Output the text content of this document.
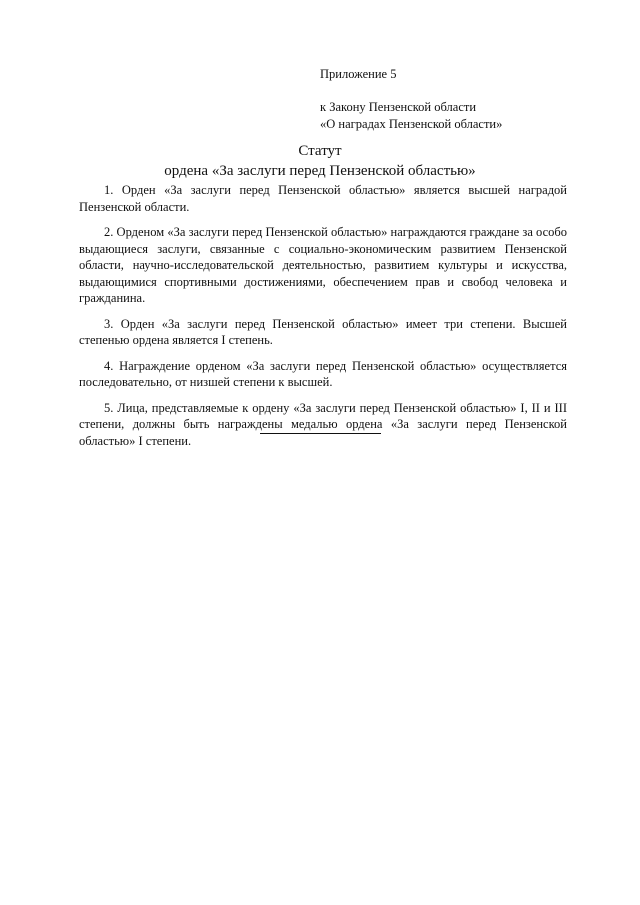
Приложение 5
к Закону Пензенской области
«О наградах Пензенской области»
Статут
ордена «За заслуги перед Пензенской областью»

1. Орден «За заслуги перед Пензенской областью» является высшей наградой Пензенской области.

2. Орденом «За заслуги перед Пензенской областью» награждаются граждане за особо выдающиеся заслуги, связанные с социально-экономическим развитием Пензенской области, научно-исследовательской деятельностью, развитием культуры и искусства, выдающимися спортивными достижениями, обеспечением прав и свобод человека и гражданина.

3. Орден «За заслуги перед Пензенской областью» имеет три степени. Высшей степенью ордена является I степень.

4. Награждение орденом «За заслуги перед Пензенской областью» осуществляется последовательно, от низшей степени к высшей.

5. Лица, представляемые к ордену «За заслуги перед Пензенской областью» I, II и III степени, должны быть награждены медалью ордена «За заслуги перед Пензенской областью» I степени.
